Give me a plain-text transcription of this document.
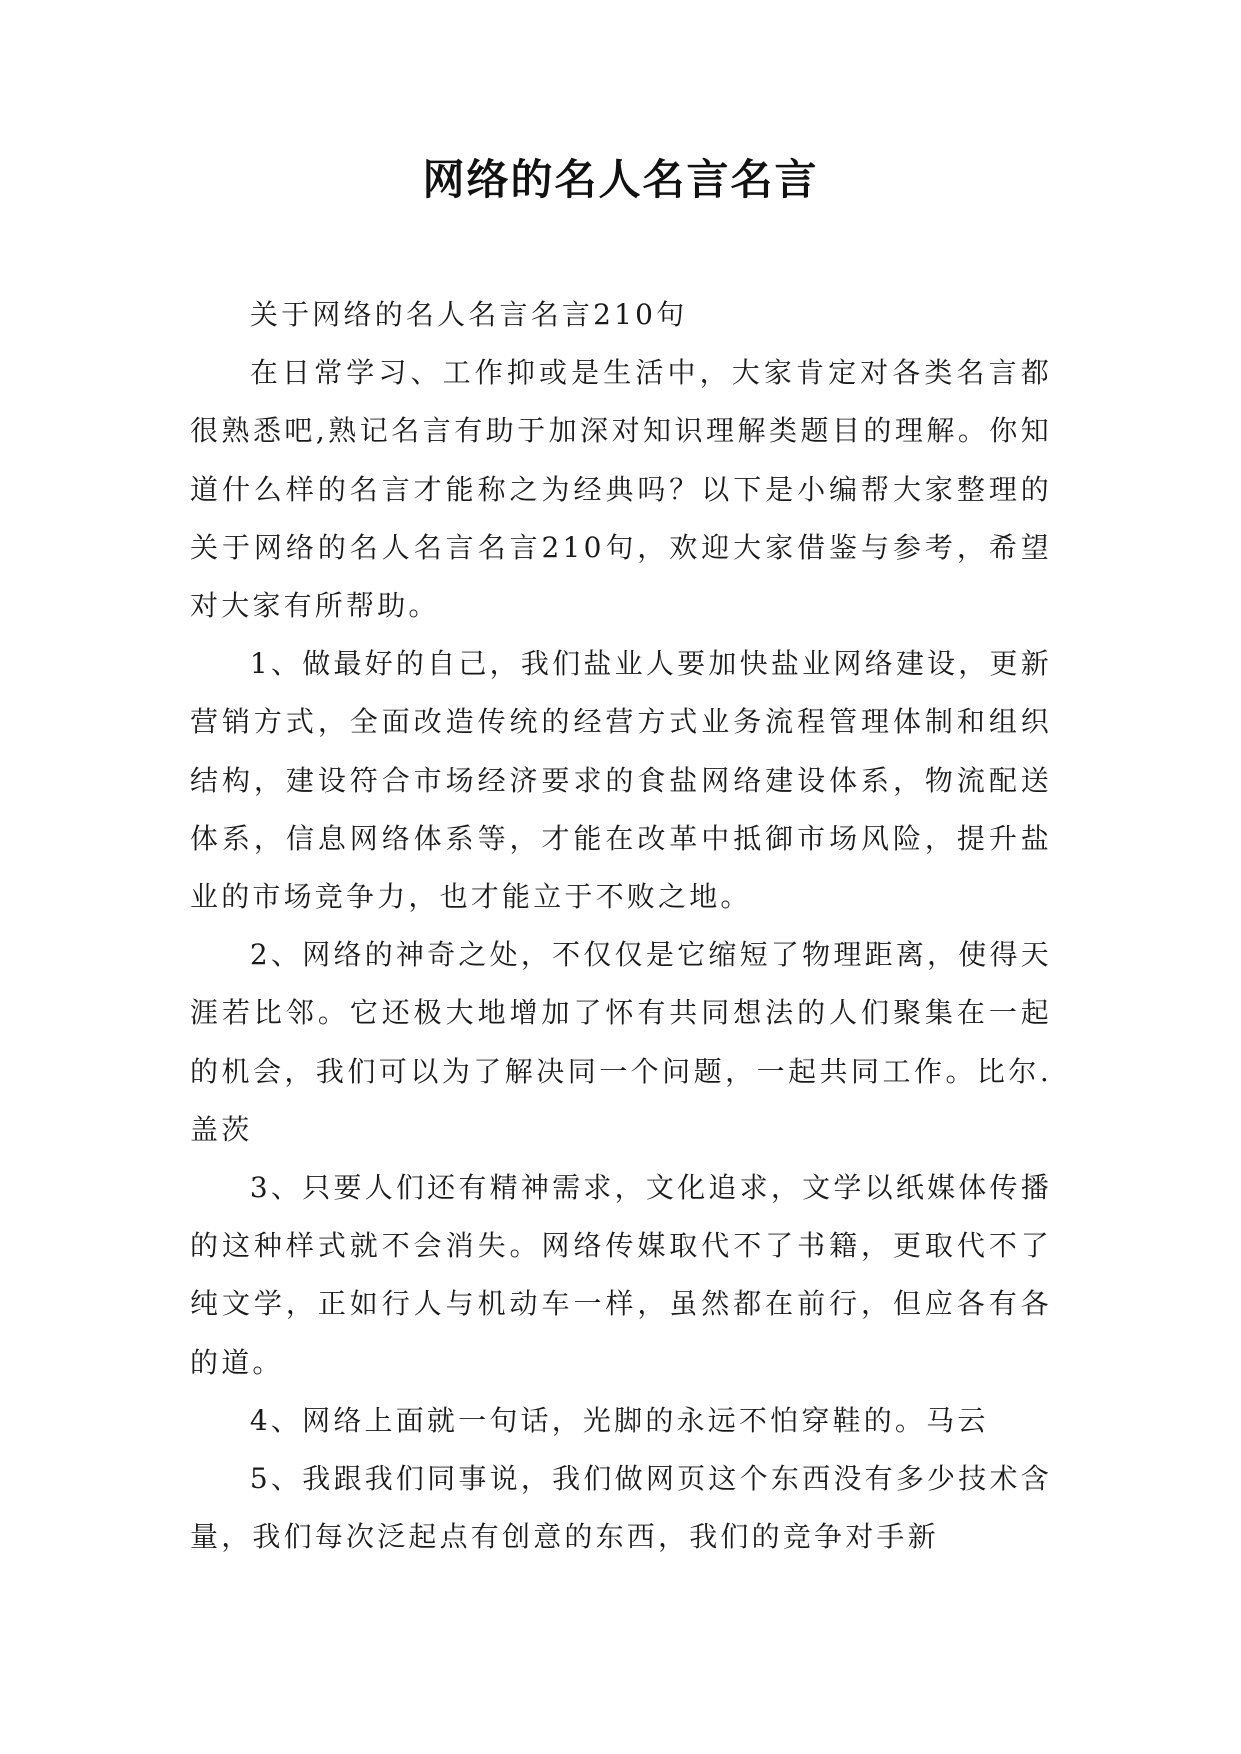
网络的名人名言名言

关于网络的名人名言名言210句

在日常学习、工作抑或是生活中，大家肯定对各类名言都很熟悉吧,熟记名言有助于加深对知识理解类题目的理解。你知道什么样的名言才能称之为经典吗？以下是小编帮大家整理的关于网络的名人名言名言210句，欢迎大家借鉴与参考，希望对大家有所帮助。

1、做最好的自己，我们盐业人要加快盐业网络建设，更新营销方式，全面改造传统的经营方式业务流程管理体制和组织结构，建设符合市场经济要求的食盐网络建设体系，物流配送体系，信息网络体系等，才能在改革中抵御市场风险，提升盐业的市场竞争力，也才能立于不败之地。

2、网络的神奇之处，不仅仅是它缩短了物理距离，使得天涯若比邻。它还极大地增加了怀有共同想法的人们聚集在一起的机会，我们可以为了解决同一个问题，一起共同工作。比尔.盖茨

3、只要人们还有精神需求，文化追求，文学以纸媒体传播的这种样式就不会消失。网络传媒取代不了书籍，更取代不了纯文学，正如行人与机动车一样，虽然都在前行，但应各有各的道。

4、网络上面就一句话，光脚的永远不怕穿鞋的。马云

5、我跟我们同事说，我们做网页这个东西没有多少技术含量，我们每次泛起点有创意的东西，我们的竞争对手新
